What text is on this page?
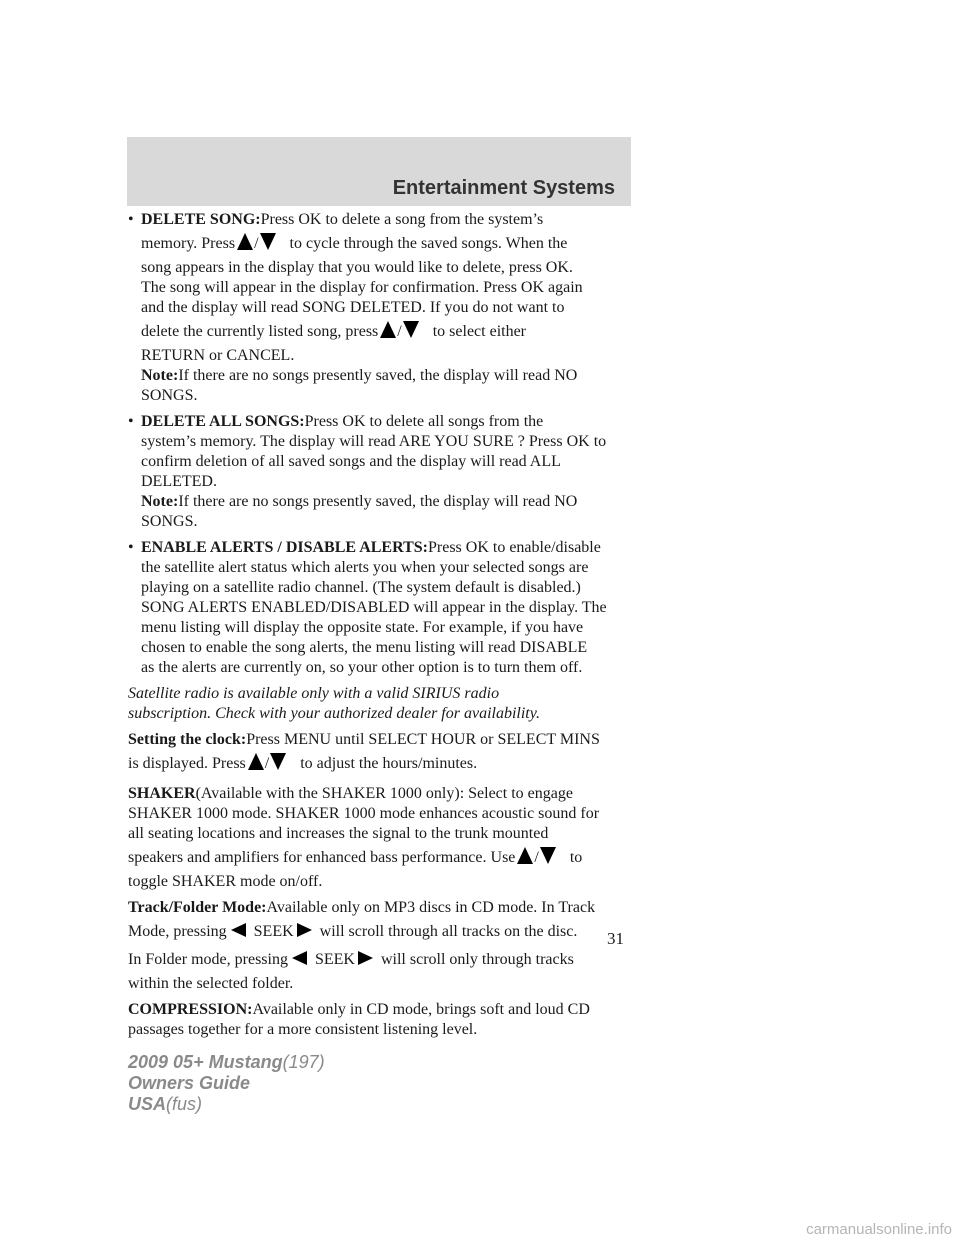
Entertainment Systems
• DELETE SONG:Press OK to delete a song from the system’s
memory. Press / to cycle through the saved songs. When the
song appears in the display that you would like to delete, press OK.
The song will appear in the display for confirmation. Press OK again
and the display will read SONG DELETED. If you do not want to
delete the currently listed song, press / to select either
RETURN or CANCEL.
Note:If there are no songs presently saved, the display will read NO
SONGS.
• DELETE ALL SONGS:Press OK to delete all songs from the
system’s memory. The display will read ARE YOU SURE ? Press OK to
confirm deletion of all saved songs and the display will read ALL
DELETED.
Note:If there are no songs presently saved, the display will read NO
SONGS.
• ENABLE ALERTS / DISABLE ALERTS:Press OK to enable/disable
the satellite alert status which alerts you when your selected songs are
playing on a satellite radio channel. (The system default is disabled.)
SONG ALERTS ENABLED/DISABLED will appear in the display. The
menu listing will display the opposite state. For example, if you have
chosen to enable the song alerts, the menu listing will read DISABLE
as the alerts are currently on, so your other option is to turn them off.

Satellite radio is available only with a valid SIRIUS radio
subscription. Check with your authorized dealer for availability.

Setting the clock:Press MENU until SELECT HOUR or SELECT MINS
is displayed. Press / to adjust the hours/minutes.

SHAKER(Available with the SHAKER 1000 only): Select to engage
SHAKER 1000 mode. SHAKER 1000 mode enhances acoustic sound for
all seating locations and increases the signal to the trunk mounted
speakers and amplifiers for enhanced bass performance. Use / to
toggle SHAKER mode on/off.

Track/Folder Mode:Available only on MP3 discs in CD mode. In Track
Mode, pressing SEEK will scroll through all tracks on the disc.
In Folder mode, pressing SEEK will scroll only through tracks
within the selected folder.

COMPRESSION:Available only in CD mode, brings soft and loud CD
passages together for a more consistent listening level.

31
2009 05+ Mustang(197)
Owners Guide
USA(fus)
carmanualsonline.info
